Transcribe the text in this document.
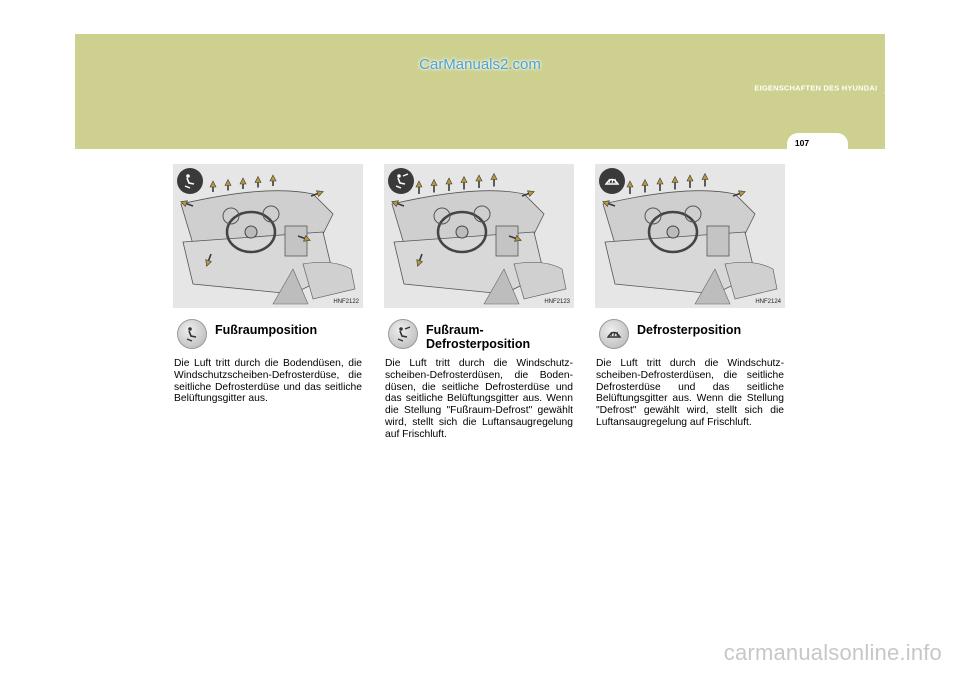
CarManuals2.com
EIGENSCHAFTEN DES HYUNDAI 1
107
HNF2122
Fußraumposition

Die Luft tritt durch die Bodendüsen, die Windschutzscheiben-Defrosterdüse, die seitliche Defrosterdüse und das seitliche Belüftungsgitter aus.

HNF2123
Fußraum-
Defrosterposition

Die Luft tritt durch die Windschutz-scheiben-Defrosterdüsen, die Boden-düsen, die seitliche Defrosterdüse und das seitliche Belüftungsgitter aus. Wenn die Stellung "Fußraum-Defrost" gewählt wird, stellt sich die Luftansaugregelung auf Frischluft.

HNF2124
Defrosterposition

Die Luft tritt durch die Windschutz-scheiben-Defrosterdüsen, die seitliche Defrosterdüse und das seitliche Belüftungsgitter aus. Wenn die Stellung "Defrost" gewählt wird, stellt sich die Luftansaugregelung auf Frischluft.

carmanualsonline.info
